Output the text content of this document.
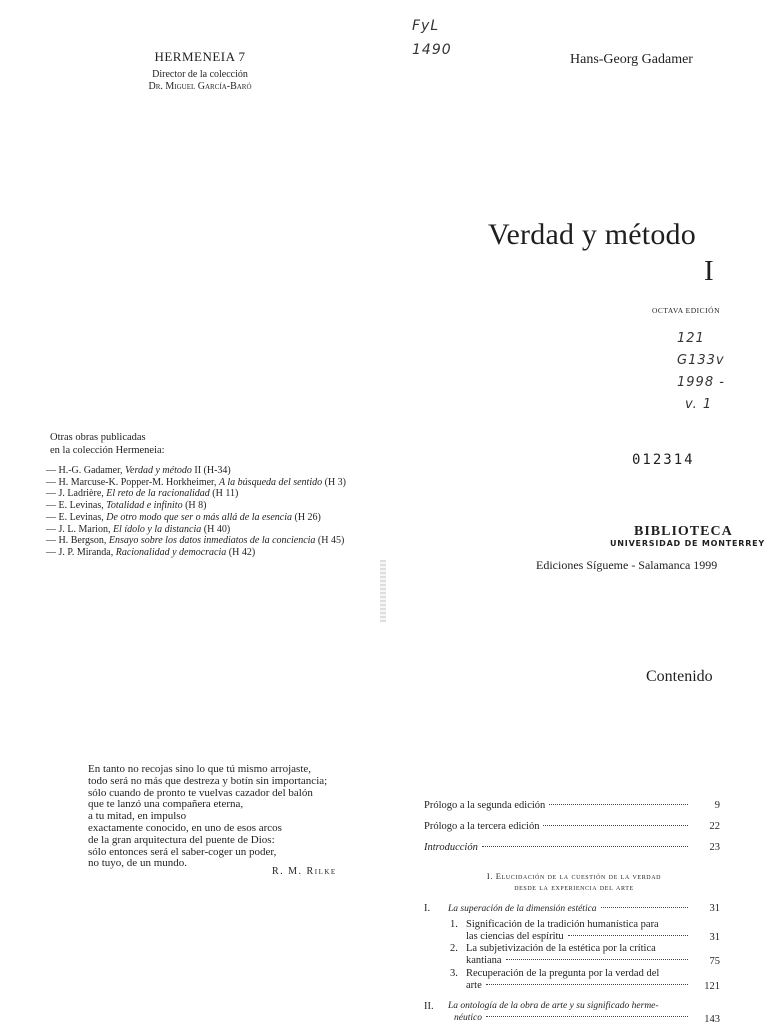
HERMENEIA 7
Director de la colección
Dr. Miguel García-Baró
Otras obras publicadas
en la colección Hermeneia:
— H.-G. Gadamer, Verdad y método II (H-34)
— H. Marcuse-K. Popper-M. Horkheimer, A la búsqueda del sentido (H 3)
— J. Ladrière, El reto de la racionalidad (H 11)
— E. Levinas, Totalidad e infinito (H 8)
— E. Levinas, De otro modo que ser o más allá de la esencia (H 26)
— J. L. Marion, El ídolo y la distancia (H 40)
— H. Bergson, Ensayo sobre los datos inmediatos de la conciencia (H 45)
— J. P. Miranda, Racionalidad y democracia (H 42)
FyL
1490
Hans-Georg Gadamer
Verdad y método
I
OCTAVA EDICIÓN
121
G133v
1998 -
v. 1
012314
BIBLIOTECA
UNIVERSIDAD DE MONTERREY
Ediciones Sígueme - Salamanca 1999
En tanto no recojas sino lo que tú mismo arrojaste,
todo será no más que destreza y botín sin importancia;
sólo cuando de pronto te vuelvas cazador del balón
que te lanzó una compañera eterna,
a tu mitad, en impulso
exactamente conocido, en uno de esos arcos
de la gran arquitectura del puente de Dios:
sólo entonces será el saber-coger un poder,
no tuyo, de un mundo.
R. M. Rilke
Contenido
Prólogo a la segunda edición	9
Prólogo a la tercera edición	22
Introducción	23
I. Elucidación de la cuestión de la verdad
desde la experiencia del arte
I.	La superación de la dimensión estética	31
1. Significación de la tradición humanística para
las ciencias del espíritu	31
2. La subjetivización de la estética por la crítica
kantiana	75
3. Recuperación de la pregunta por la verdad del
arte	121
II.	La ontología de la obra de arte y su significado herme-
néutico	143
